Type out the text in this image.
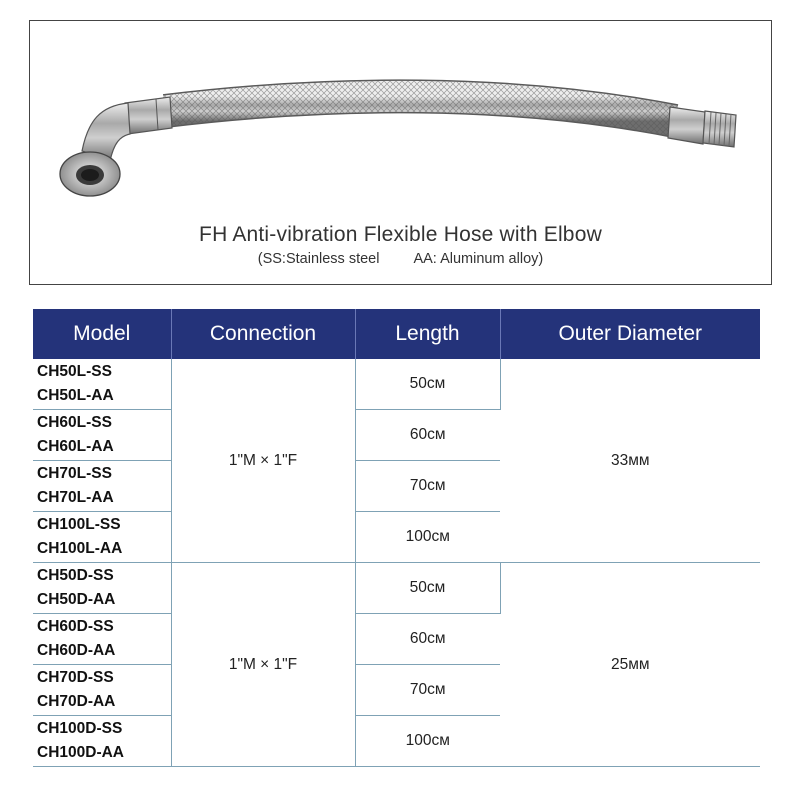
FH Anti-vibration Flexible Hose with Elbow
(SS:Stainless steel AA: Aluminum alloy)
Model	Connection	Length	Outer Diameter

CH50L-SS
CH50L-AA	1"M × 1"F	50см	33мм

CH60L-SS
CH60L-AA		60см	

CH70L-SS
CH70L-AA		70см	

CH100L-SS
CH100L-AA		100см	

CH50D-SS
CH50D-AA	1"M × 1"F	50см	25мм

CH60D-SS
CH60D-AA		60см	

CH70D-SS
CH70D-AA		70см	

CH100D-SS
CH100D-AA		100см	
